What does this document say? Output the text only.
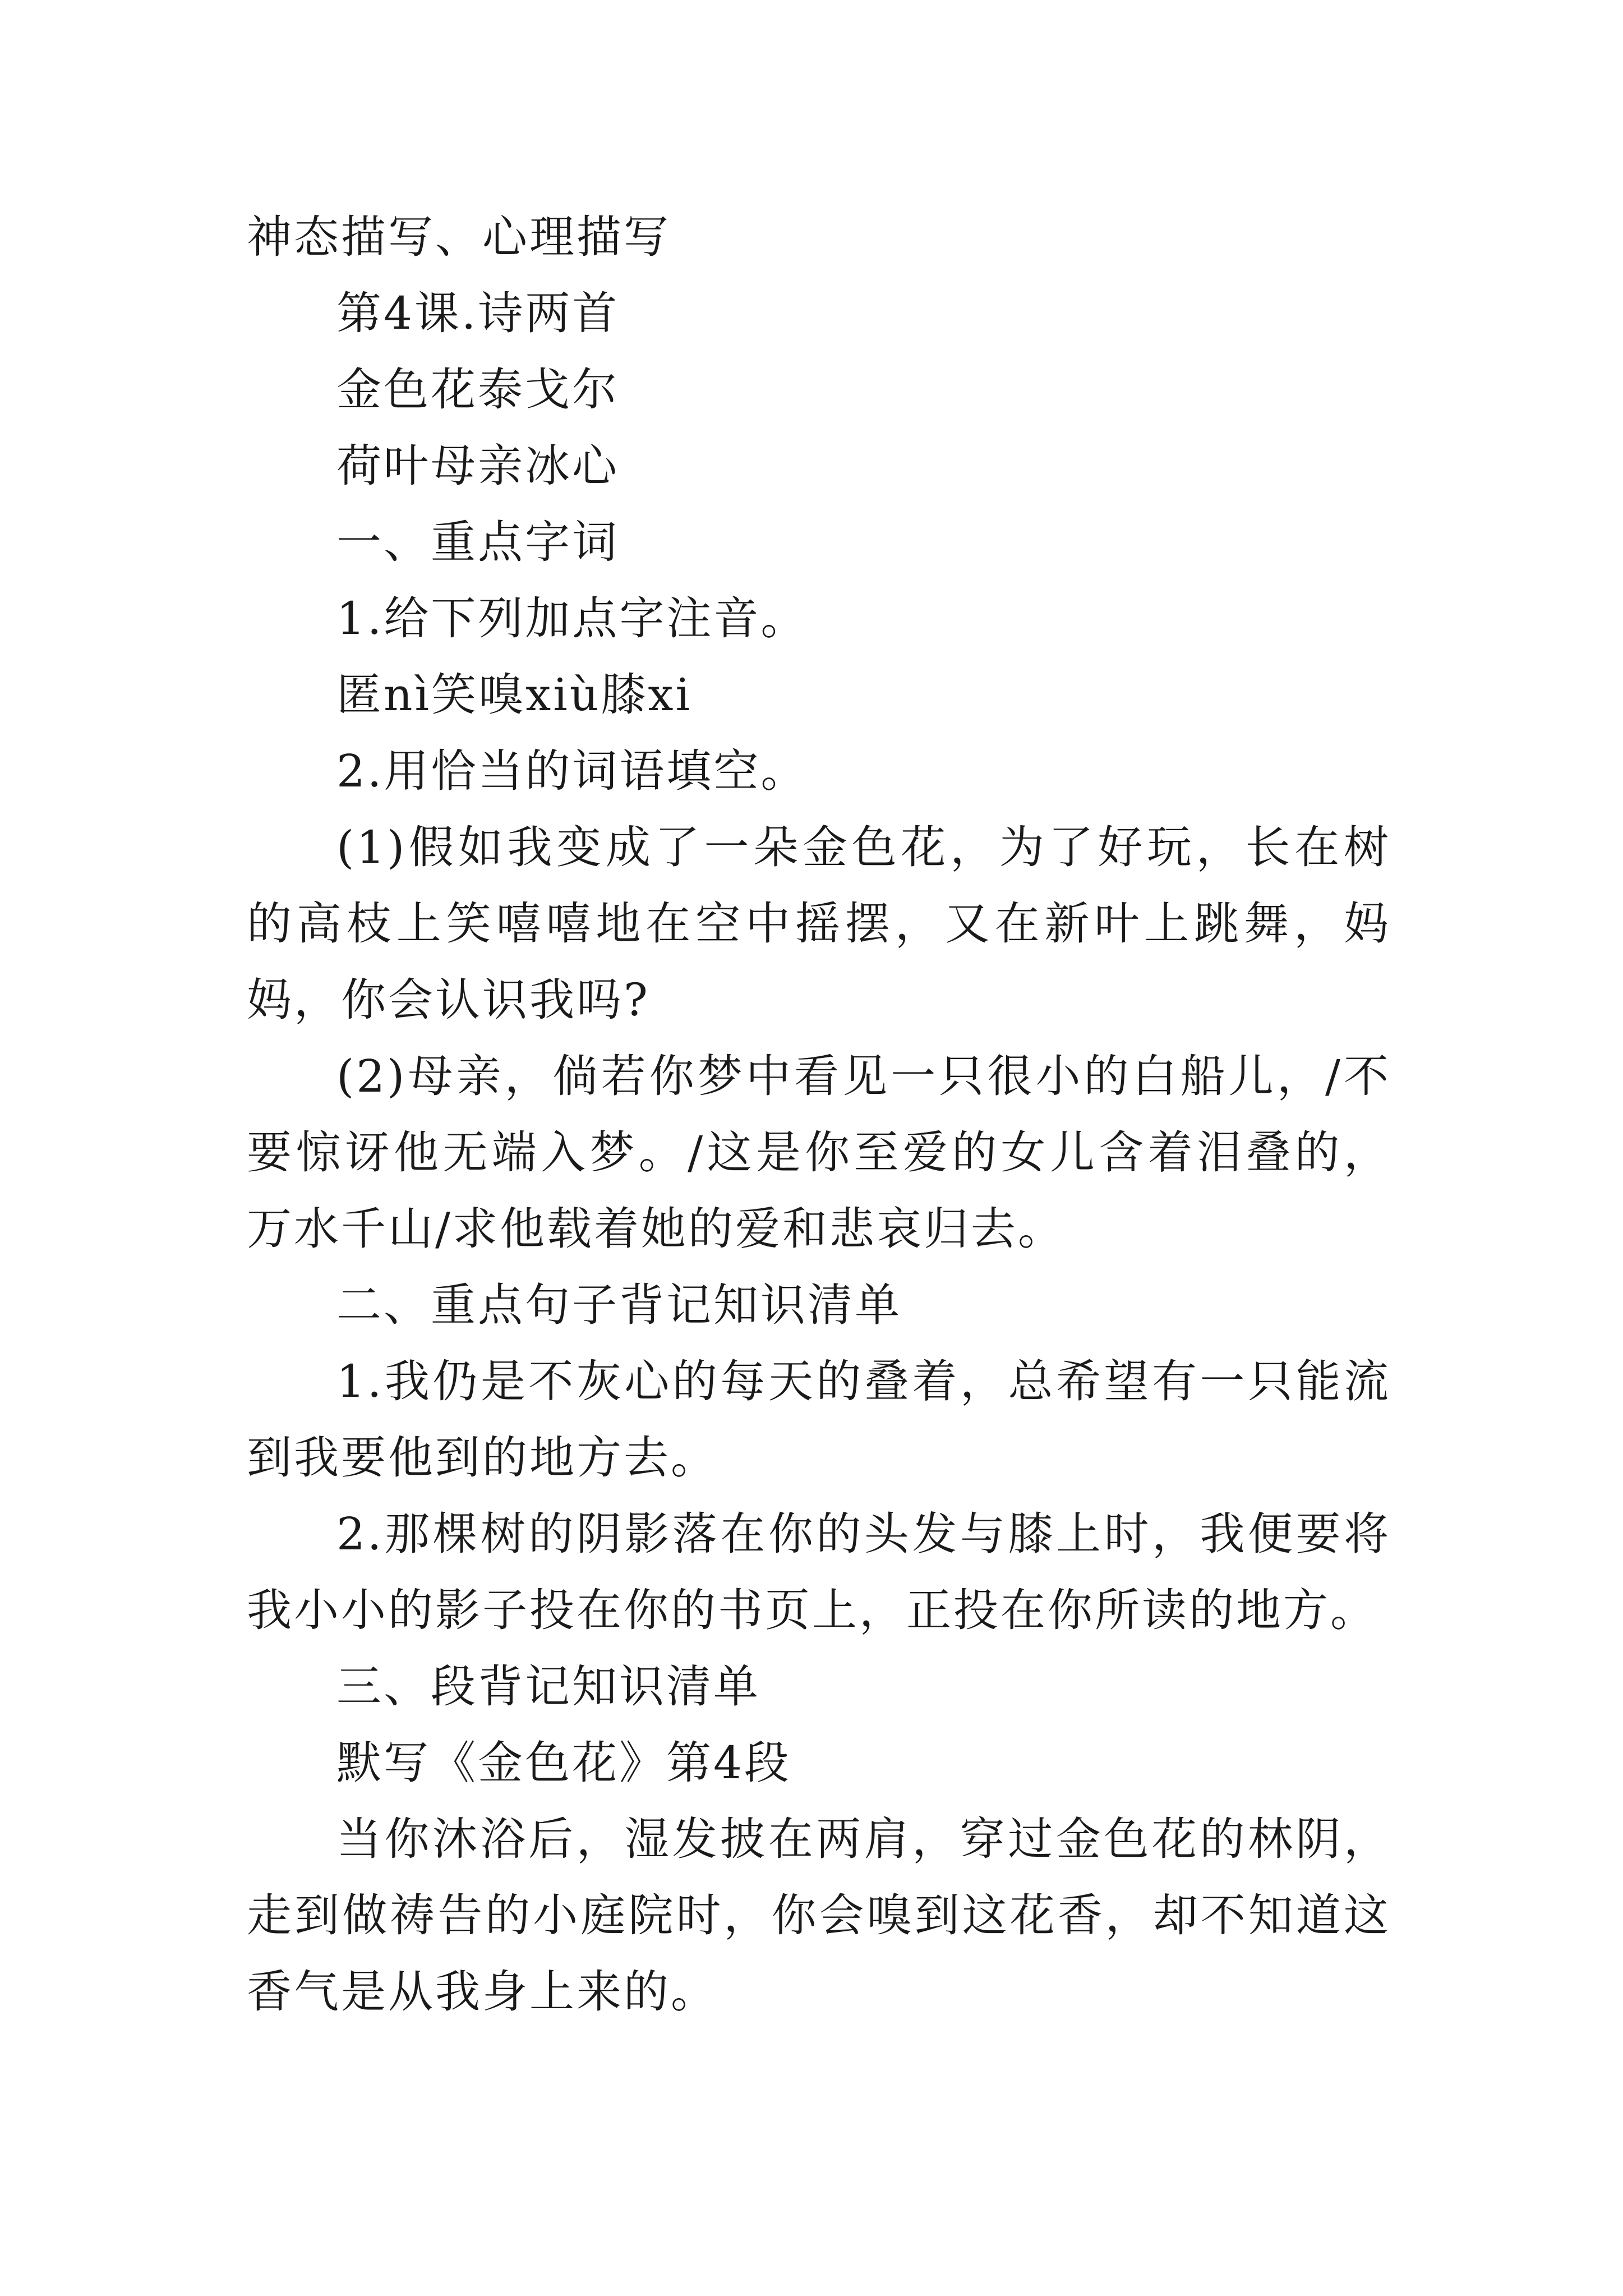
神态描写、心理描写

第4课.诗两首

金色花泰戈尔

荷叶母亲冰心

一、重点字词

1.给下列加点字注音。

匿nì笑嗅xiù膝xi

2.用恰当的词语填空。

(1)假如我变成了一朵金色花，为了好玩，长在树的高枝上笑嘻嘻地在空中摇摆，又在新叶上跳舞，妈妈，你会认识我吗?

(2)母亲，倘若你梦中看见一只很小的白船儿，/不要惊讶他无端入梦。/这是你至爱的女儿含着泪叠的，万水千山/求他载着她的爱和悲哀归去。

二、重点句子背记知识清单

1.我仍是不灰心的每天的叠着，总希望有一只能流到我要他到的地方去。

2.那棵树的阴影落在你的头发与膝上时，我便要将我小小的影子投在你的书页上，正投在你所读的地方。

三、段背记知识清单

默写《金色花》第4段

当你沐浴后，湿发披在两肩，穿过金色花的林阴，走到做祷告的小庭院时，你会嗅到这花香，却不知道这香气是从我身上来的。
